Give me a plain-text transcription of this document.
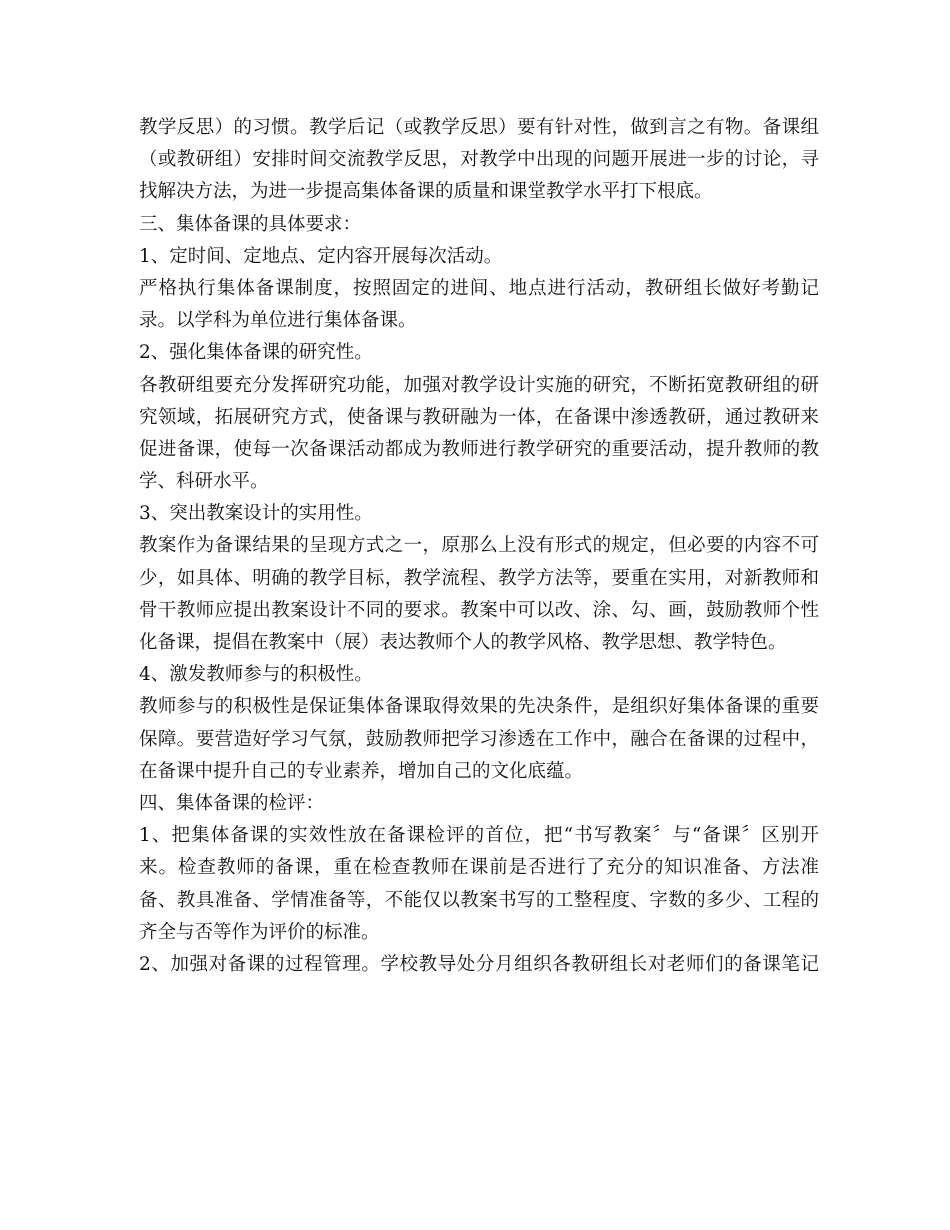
教学反思）的习惯。教学后记（或教学反思）要有针对性，做到言之有物。备课组
（或教研组）安排时间交流教学反思，对教学中出现的问题开展进一步的讨论，寻
找解决方法，为进一步提高集体备课的质量和课堂教学水平打下根底。
三、集体备课的具体要求：
1、定时间、定地点、定内容开展每次活动。
严格执行集体备课制度，按照固定的进间、地点进行活动，教研组长做好考勤记
录。以学科为单位进行集体备课。
2、强化集体备课的研究性。
各教研组要充分发挥研究功能，加强对教学设计实施的研究，不断拓宽教研组的研
究领域，拓展研究方式，使备课与教研融为一体，在备课中渗透教研，通过教研来
促进备课，使每一次备课活动都成为教师进行教学研究的重要活动，提升教师的教
学、科研水平。
3、突出教案设计的实用性。
教案作为备课结果的呈现方式之一，原那么上没有形式的规定，但必要的内容不可
少，如具体、明确的教学目标，教学流程、教学方法等，要重在实用，对新教师和
骨干教师应提出教案设计不同的要求。教案中可以改、涂、勾、画，鼓励教师个性
化备课，提倡在教案中（展）表达教师个人的教学风格、教学思想、教学特色。
4、激发教师参与的积极性。
教师参与的积极性是保证集体备课取得效果的先决条件，是组织好集体备课的重要
保障。要营造好学习气氛，鼓励教师把学习渗透在工作中，融合在备课的过程中，
在备课中提升自己的专业素养，增加自己的文化底蕴。
四、集体备课的检评：
1、把集体备课的实效性放在备课检评的首位，把“书写教案〞与“备课〞区别开
来。检查教师的备课，重在检查教师在课前是否进行了充分的知识准备、方法准
备、教具准备、学情准备等，不能仅以教案书写的工整程度、字数的多少、工程的
齐全与否等作为评价的标准。
2、加强对备课的过程管理。学校教导处分月组织各教研组长对老师们的备课笔记
